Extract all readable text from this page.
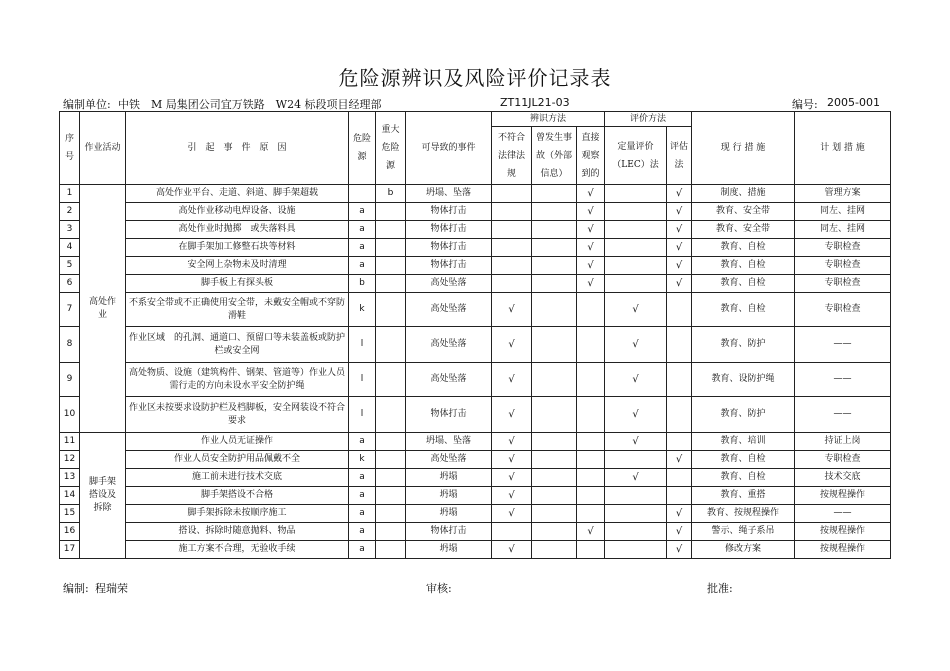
危险源辨识及风险评价记录表
编制单位: 中铁　M 局集团公司宜万铁路　W24 标段项目经理部	ZT11JL21-03	编号: 2005-001
序号	作业活动	引　起　事　件　原　因	危险源	重大危险源	可导致的事件	辨识方法			评价方法		现 行 措 施	计 划 措 施
						不符合法律法规	曾发生事故（外部信息）	直接观察到的	定量评价（LEC）法	评估法		
1	高处作业	高处作业平台、走道、斜道、脚手架超载		b	坍塌、坠落			√		√	制度、措施	管理方案
2		高处作业移动电焊设备、设施	a		物体打击			√		√	教育、安全带	同左、挂网
3		高处作业时抛掷　或失落料具	a		物体打击			√		√	教育、安全带	同左、挂网
4		在脚手架加工修整石块等材料	a		物体打击			√		√	教育、自检	专职检查
5		安全网上杂物未及时清理	a		物体打击			√		√	教育、自检	专职检查
6		脚手板上有探头板	b		高处坠落			√		√	教育、自检	专职检查
7		不系安全带或不正确使用安全带，未戴安全帽或不穿防滑鞋	k		高处坠落	√			√		教育、自检	专职检查
8		作业区域　的孔洞、通道口、预留口等未装盖板或防护栏或安全网	l		高处坠落	√			√		教育、防护	——
9		高处物质、设施（建筑构件、钢架、管道等）作业人员需行走的方向未设水平安全防护绳	l		高处坠落	√			√		教育、设防护绳	——
10		作业区未按要求设防护栏及档脚板，安全网装设不符合要求	l		物体打击	√			√		教育、防护	——
11	脚手架搭设及拆除	作业人员无证操作	a		坍塌、坠落	√			√		教育、培训	持证上岗
12		作业人员安全防护用品佩戴不全	k		高处坠落	√				√	教育、自检	专职检查
13		施工前未进行技术交底	a		坍塌	√			√		教育、自检	技术交底
14		脚手架搭设不合格	a		坍塌	√					教育、重搭	按规程操作
15		脚手架拆除未按顺序施工	a		坍塌	√				√	教育、按规程操作	——
16		搭设、拆除时随意抛料、物品	a		物体打击			√		√	警示、绳子系吊	按规程操作
17		施工方案不合理，无验收手续	a		坍塌	√				√	修改方案	按规程操作
编制: 程瑞荣	审核:	批准:
